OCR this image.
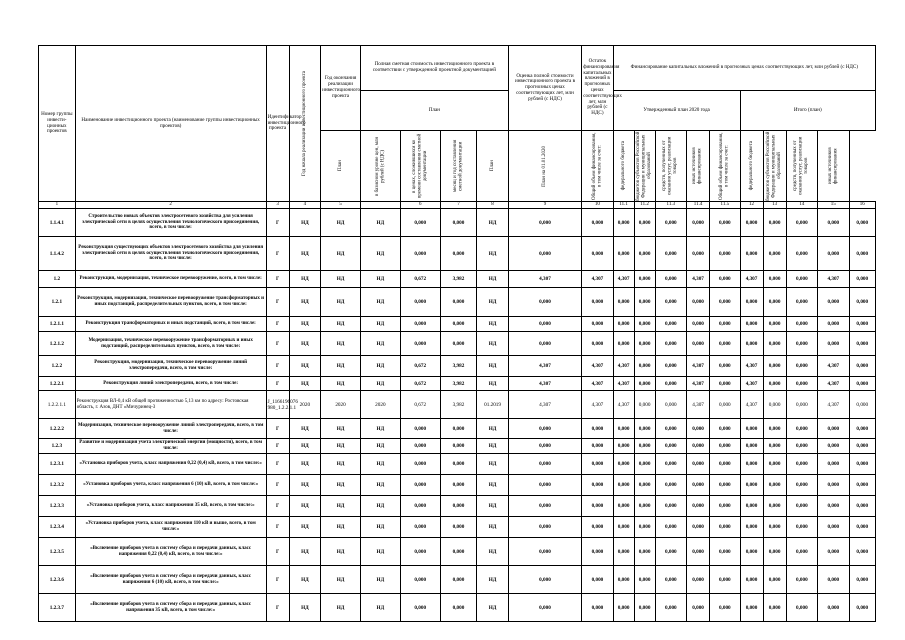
Номер группы инвести-ционных проектов	Наименование инвестиционного проекта (наименование группы инвестиционных проектов)	Идентификатор инвестиционного проекта	Год начала реализации инвестиционного проекта	Год окончания реализации инвестиционного проекта	Полная сметная стоимость инвестиционного проекта в соответствии с утвержденной проектной документацией				Оценка полной стоимости инвестиционного проекта в прогнозных ценах соответствующих лет, млн рублей (с НДС)	Остаток финансирования капитальных вложений в прогнозных ценах соответствующих лет, млн рублей (с НДС)	Финансирование капитальных вложений в прогнозных ценах соответствующих лет, млн рублей (с НДС)									
					План						Утвержденный план 2020 года					Итого (план)				

				План	в базисном уровне цен, млн рублей (с НДС)	в ценах, сложившихся ко времени составления сметной документации	месяц и год составления сметной документации	План	План на 01.01.2020	Общий объем финансирования, в том числе за счет:	федерального бюджета	бюджетов субъектов Российской Федерации и муниципальных образований	средств, полученных от оказания услуг, реализации товаров	иных источников финансирования	Общий объем финансирования, в том числе за счет:	федерального бюджета	бюджетов субъектов Российской Федерации и муниципальных образований	средств, полученных от оказания услуг, реализации товаров	иных источников финансирования	

1	2	3	4	5		6	7	8	9	10	11.1	11.2	11.3	11.4	11.5	12	13	14	15	16
1.1.4.1	Строительство новых объектов электросетевого хозяйства для усиления электрической сети в целях осуществления технологического присоединения, всего, в том числе:	Г	НД	НД	НД	0,000	0,000	НД	0,000	0,000	0,000	0,000	0,000	0,000	0,000	0,000	0,000	0,000	0,000	0,000
1.1.4.2	Реконструкция существующих объектов электросетевого хозяйства для усиления электрической сети в целях осуществления технологического присоединения, всего, в том числе:	Г	НД	НД	НД	0,000	0,000	НД	0,000	0,000	0,000	0,000	0,000	0,000	0,000	0,000	0,000	0,000	0,000	0,000
1.2	Реконструкция, модернизация, техническое перевооружение, всего, в том числе:	Г	НД	НД	НД	0,672	3,982	НД	4,307	4,307	4,307	0,000	0,000	4,307	0,000	4,307	0,000	0,000	4,307	0,000
1.2.1	Реконструкция, модернизация, техническое перевооружение трансформаторных и иных подстанций, распределительных пунктов, всего, в том числе:	Г	НД	НД	НД	0,000	0,000	НД	0,000	0,000	0,000	0,000	0,000	0,000	0,000	0,000	0,000	0,000	0,000	0,000
1.2.1.1	Реконструкция трансформаторных и иных подстанций, всего, в том числе:	Г	НД	НД	НД	0,000	0,000	НД	0,000	0,000	0,000	0,000	0,000	0,000	0,000	0,000	0,000	0,000	0,000	0,000
1.2.1.2	Модернизация, техническое перевооружение трансформаторных и иных подстанций, распределительных пунктов, всего, в том числе:	Г	НД	НД	НД	0,000	0,000	НД	0,000	0,000	0,000	0,000	0,000	0,000	0,000	0,000	0,000	0,000	0,000	0,000
1.2.2	Реконструкция, модернизация, техническое перевооружение линий электропередачи, всего, в том числе:	Г	НД	НД	НД	0,672	3,982	НД	4,307	4,307	4,307	0,000	0,000	4,307	0,000	4,307	0,000	0,000	4,307	0,000
1.2.2.1	Реконструкция линий электропередачи, всего, в том числе:	Г	НД	НД	НД	0,672	3,982	НД	4,307	4,307	4,307	0,000	0,000	4,307	0,000	4,307	0,000	0,000	4,307	0,000
1.2.2.1.1	Реконструкция ВЛ-0,4 кВ общей протяженностью 5,13 км по адресу: Ростовская область, г. Азов, ДНТ «Мичуринец-3	J_1166196076 980_1.2.2.1.1	2020	2020	2020	0,672	3,982	01.2019	4,307	4,307	4,307	0,000	0,000	4,307	0,000	4,307	0,000	0,000	4,307	0,000
1.2.2.2	Модернизация, техническое перевооружение линий электропередачи, всего, в том числе:	Г	НД	НД	НД	0,000	0,000	НД	0,000	0,000	0,000	0,000	0,000	0,000	0,000	0,000	0,000	0,000	0,000	0,000
1.2.3	Развитие и модернизация учета электрической энергии (мощности), всего, в том числе:	Г	НД	НД	НД	0,000	0,000	НД	0,000	0,000	0,000	0,000	0,000	0,000	0,000	0,000	0,000	0,000	0,000	0,000
1.2.3.1	«Установка приборов учета, класс напряжения 0,22 (0,4) кВ, всего, в том числе:»	Г	НД	НД	НД	0,000	0,000	НД	0,000	0,000	0,000	0,000	0,000	0,000	0,000	0,000	0,000	0,000	0,000	0,000
1.2.3.2	«Установка приборов учета, класс напряжения 6 (10) кВ, всего, в том числе:»	Г	НД	НД	НД	0,000	0,000	НД	0,000	0,000	0,000	0,000	0,000	0,000	0,000	0,000	0,000	0,000	0,000	0,000
1.2.3.3	«Установка приборов учета, класс напряжения 35 кВ, всего, в том числе:»	Г	НД	НД	НД	0,000	0,000	НД	0,000	0,000	0,000	0,000	0,000	0,000	0,000	0,000	0,000	0,000	0,000	0,000
1.2.3.4	«Установка приборов учета, класс напряжения 110 кВ и выше, всего, в том числе:»	Г	НД	НД	НД	0,000	0,000	НД	0,000	0,000	0,000	0,000	0,000	0,000	0,000	0,000	0,000	0,000	0,000	0,000
1.2.3.5	«Включение приборов учета в систему сбора и передачи данных, класс напряжения 0,22 (0,4) кВ, всего, в том числе:»	Г	НД	НД	НД	0,000	0,000	НД	0,000	0,000	0,000	0,000	0,000	0,000	0,000	0,000	0,000	0,000	0,000	0,000
1.2.3.6	«Включение приборов учета в систему сбора и передачи данных, класс напряжения 6 (10) кВ, всего, в том числе:»	Г	НД	НД	НД	0,000	0,000	НД	0,000	0,000	0,000	0,000	0,000	0,000	0,000	0,000	0,000	0,000	0,000	0,000
1.2.3.7	«Включение приборов учета в систему сбора и передачи данных, класс напряжения 35 кВ, всего, в том числе:»	Г	НД	НД	НД	0,000	0,000	НД	0,000	0,000	0,000	0,000	0,000	0,000	0,000	0,000	0,000	0,000	0,000	0,000
